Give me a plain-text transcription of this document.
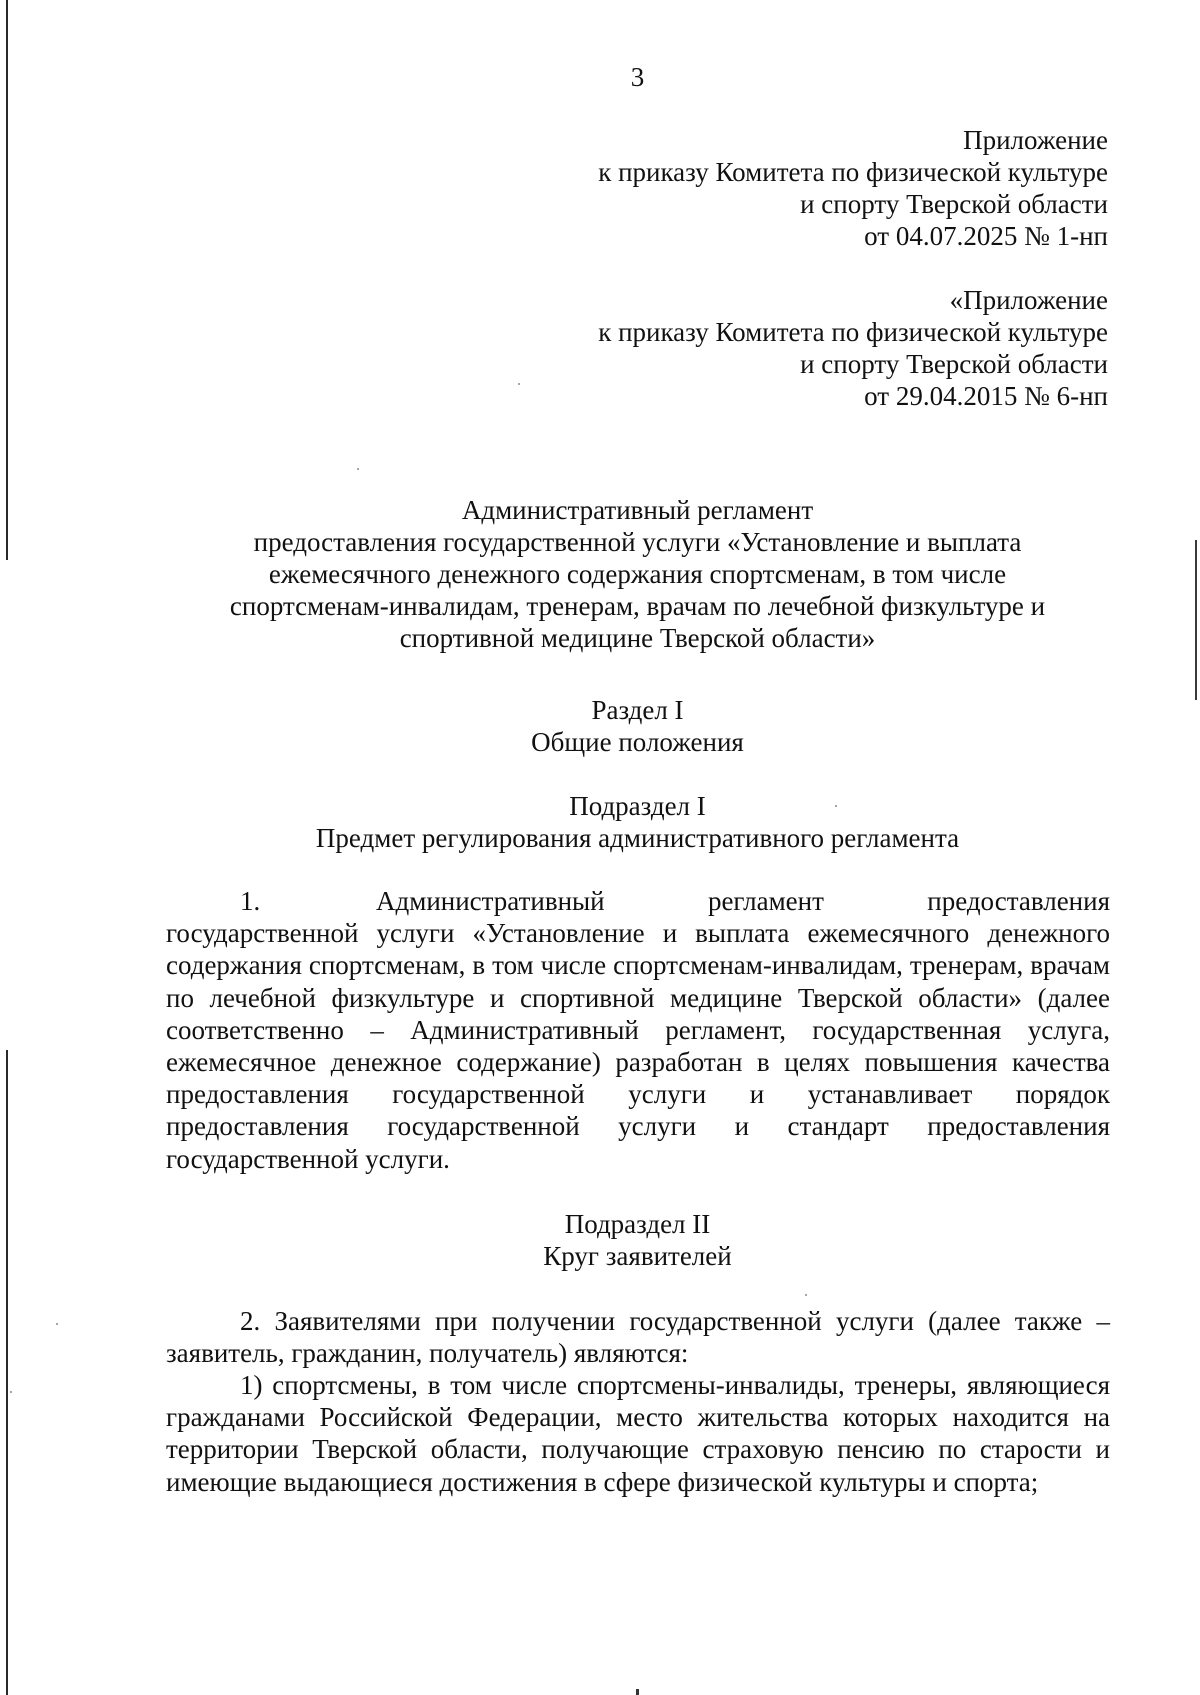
3
Приложение
к приказу Комитета по физической культуре
и спорту Тверской области
от 04.07.2025 № 1-нп
«Приложение
к приказу Комитета по физической культуре
и спорту Тверской области
от 29.04.2015 № 6-нп
Административный регламент
предоставления государственной услуги «Установление и выплата
ежемесячного денежного содержания спортсменам, в том числе
спортсменам-инвалидам, тренерам, врачам по лечебной физкультуре и
спортивной медицине Тверской области»
Раздел I
Общие положения
Подраздел I
Предмет регулирования административного регламента
1.	Административный регламент предоставления государственной услуги «Установление и выплата ежемесячного денежного содержания спортсменам, в том числе спортсменам-инвалидам, тренерам, врачам по лечебной физкультуре и спортивной медицине Тверской области» (далее соответственно – Административный регламент, государственная услуга, ежемесячное денежное содержание) разработан в целях повышения качества предоставления государственной услуги и устанавливает порядок предоставления государственной услуги и стандарт предоставления государственной услуги.
Подраздел II
Круг заявителей
2. Заявителями при получении государственной услуги (далее также – заявитель, гражданин, получатель) являются:
1) спортсмены, в том числе спортсмены-инвалиды, тренеры, являющиеся гражданами Российской Федерации, место жительства которых находится на территории Тверской области, получающие страховую пенсию по старости и имеющие выдающиеся достижения в сфере физической культуры и спорта;
